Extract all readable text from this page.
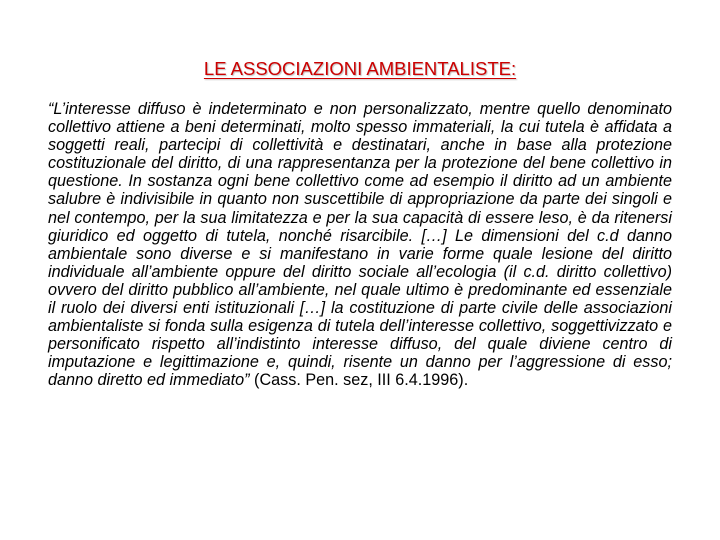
LE ASSOCIAZIONI AMBIENTALISTE:
“L’interesse diffuso è indeterminato e non personalizzato, mentre quello denominato collettivo attiene a beni determinati, molto spesso immateriali, la cui tutela è affidata a soggetti reali, partecipi di collettività e destinatari, anche in base alla protezione costituzionale del diritto, di una rappresentanza per la protezione del bene collettivo in questione. In sostanza ogni bene collettivo come ad esempio il diritto ad un ambiente salubre è indivisibile in quanto non suscettibile di appropriazione da parte dei singoli e nel contempo, per la sua limitatezza e per la sua capacità di essere leso, è da ritenersi giuridico ed oggetto di tutela, nonché risarcibile. […] Le dimensioni del c.d danno ambientale sono diverse e si manifestano in varie forme quale lesione del diritto individuale all’ambiente oppure del diritto sociale all’ecologia (il c.d. diritto collettivo) ovvero del diritto pubblico all’ambiente, nel quale ultimo è predominante ed essenziale il ruolo dei diversi enti istituzionali […] la costituzione di parte civile delle associazioni ambientaliste si fonda sulla esigenza di tutela dell’interesse collettivo, soggettivizzato e personificato rispetto all’indistinto interesse diffuso, del quale diviene centro di imputazione e legittimazione e, quindi, risente un danno per l’aggressione di esso; danno diretto ed immediato” (Cass. Pen. sez, III 6.4.1996).
